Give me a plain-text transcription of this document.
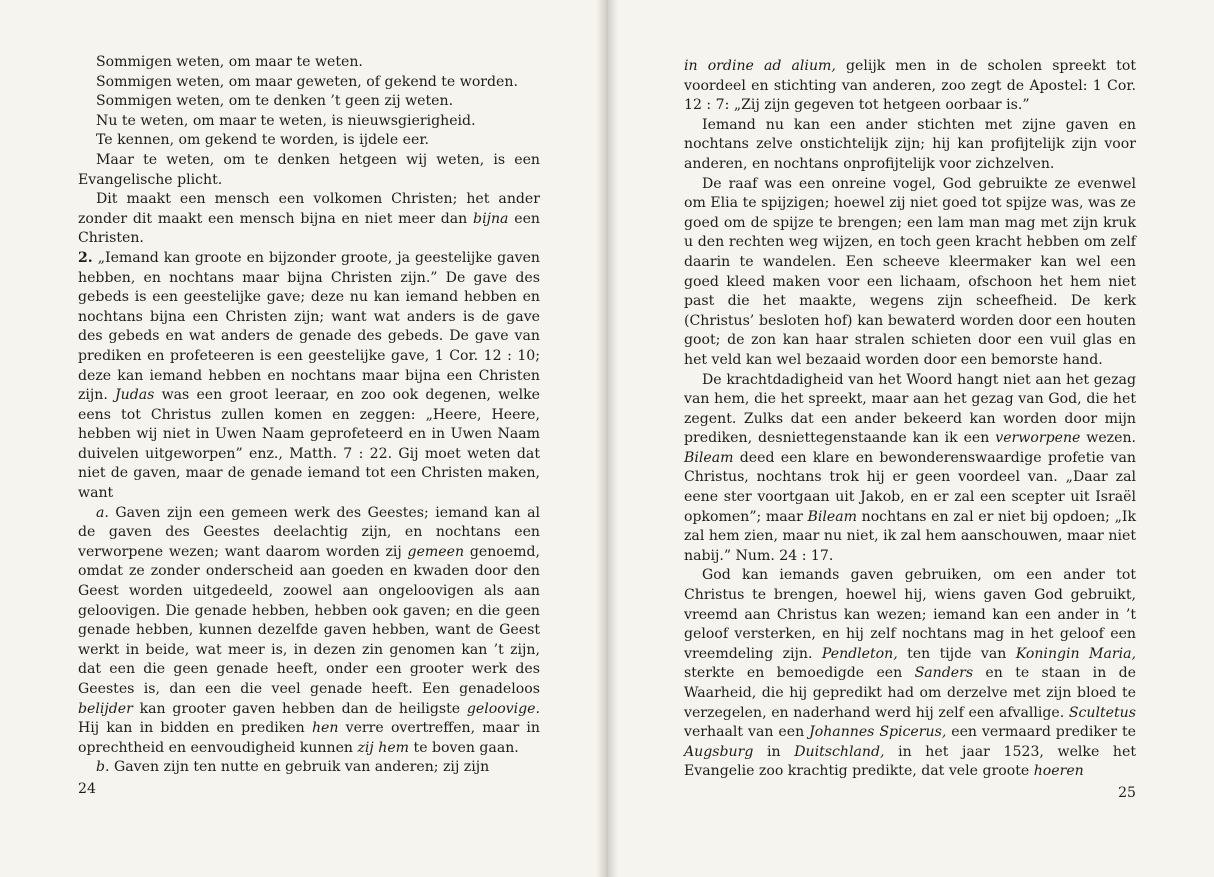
Sommigen weten, om maar te weten.

Sommigen weten, om maar geweten, of gekend te worden.

Sommigen weten, om te denken ’t geen zij weten.

Nu te weten, om maar te weten, is nieuwsgierigheid.

Te kennen, om gekend te worden, is ijdele eer.

Maar te weten, om te denken hetgeen wij weten, is een Evangelische plicht.

Dit maakt een mensch een volkomen Christen; het ander zonder dit maakt een mensch bijna en niet meer dan bijna een Christen.

2. „Iemand kan groote en bijzonder groote, ja geestelijke gaven hebben, en nochtans maar bijna Christen zijn.” De gave des gebeds is een geestelijke gave; deze nu kan iemand hebben en nochtans bijna een Christen zijn; want wat anders is de gave des gebeds en wat anders de genade des gebeds. De gave van prediken en profeteeren is een geestelijke gave, 1 Cor. 12 : 10; deze kan iemand hebben en nochtans maar bijna een Christen zijn. Judas was een groot leeraar, en zoo ook degenen, welke eens tot Christus zullen komen en zeggen: „Heere, Heere, hebben wij niet in Uwen Naam geprofeteerd en in Uwen Naam duivelen uitgeworpen” enz., Matth. 7 : 22. Gij moet weten dat niet de gaven, maar de genade iemand tot een Christen maken, want

a. Gaven zijn een gemeen werk des Geestes; iemand kan al de gaven des Geestes deelachtig zijn, en nochtans een verworpene wezen; want daarom worden zij gemeen genoemd, omdat ze zonder onderscheid aan goeden en kwaden door den Geest worden uitgedeeld, zoowel aan ongeloovigen als aan geloovigen. Die genade hebben, hebben ook gaven; en die geen genade hebben, kunnen dezelfde gaven hebben, want de Geest werkt in beide, wat meer is, in dezen zin genomen kan ’t zijn, dat een die geen genade heeft, onder een grooter werk des Geestes is, dan een die veel genade heeft. Een genadeloos belijder kan grooter gaven hebben dan de heiligste geloovige. Hij kan in bidden en prediken hen verre overtreffen, maar in oprechtheid en eenvoudigheid kunnen zij hem te boven gaan.

b. Gaven zijn ten nutte en gebruik van anderen; zij zijn

24

in ordine ad alium, gelijk men in de scholen spreekt tot voordeel en stichting van anderen, zoo zegt de Apostel: 1 Cor. 12 : 7: „Zij zijn gegeven tot hetgeen oorbaar is.”

Iemand nu kan een ander stichten met zijne gaven en nochtans zelve onstichtelijk zijn; hij kan profijtelijk zijn voor anderen, en nochtans onprofijtelijk voor zichzelven.

De raaf was een onreine vogel, God gebruikte ze evenwel om Elia te spijzigen; hoewel zij niet goed tot spijze was, was ze goed om de spijze te brengen; een lam man mag met zijn kruk u den rechten weg wijzen, en toch geen kracht hebben om zelf daarin te wandelen. Een scheeve kleermaker kan wel een goed kleed maken voor een lichaam, ofschoon het hem niet past die het maakte, wegens zijn scheefheid. De kerk (Christus’ besloten hof) kan bewaterd worden door een houten goot; de zon kan haar stralen schieten door een vuil glas en het veld kan wel bezaaid worden door een bemorste hand.

De krachtdadigheid van het Woord hangt niet aan het gezag van hem, die het spreekt, maar aan het gezag van God, die het zegent. Zulks dat een ander bekeerd kan worden door mijn prediken, desniettegenstaande kan ik een verworpene wezen. Bileam deed een klare en bewonderenswaardige profetie van Christus, nochtans trok hij er geen voordeel van. „Daar zal eene ster voortgaan uit Jakob, en er zal een scepter uit Israël opkomen”; maar Bileam nochtans en zal er niet bij opdoen; „Ik zal hem zien, maar nu niet, ik zal hem aanschouwen, maar niet nabij.” Num. 24 : 17.

God kan iemands gaven gebruiken, om een ander tot Christus te brengen, hoewel hij, wiens gaven God gebruikt, vreemd aan Christus kan wezen; iemand kan een ander in ’t geloof versterken, en hij zelf nochtans mag in het geloof een vreemdeling zijn. Pendleton, ten tijde van Koningin Maria, sterkte en bemoedigde een Sanders en te staan in de Waarheid, die hij gepredikt had om derzelve met zijn bloed te verzegelen, en naderhand werd hij zelf een afvallige. Scultetus verhaalt van een Johannes Spicerus, een vermaard prediker te Augsburg in Duitschland, in het jaar 1523, welke het Evangelie zoo krachtig predikte, dat vele groote hoeren

25
